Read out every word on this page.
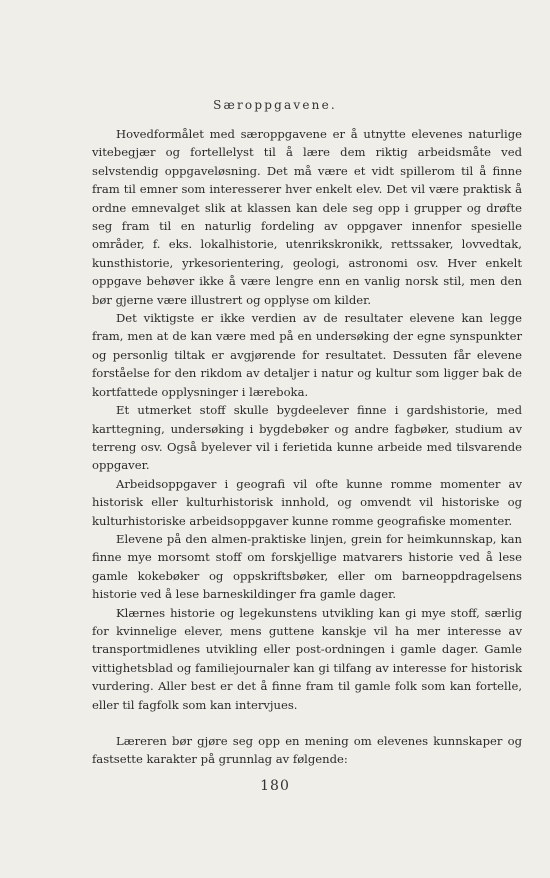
Særoppgavene.

Hovedformålet med særoppgavene er å utnytte elevenes naturlige vitebegjær og fortellelyst til å lære dem riktig arbeidsmåte ved selvstendig oppgaveløsning. Det må være et vidt spillerom til å finne fram til emner som interesserer hver enkelt elev. Det vil være praktisk å ordne emnevalget slik at klassen kan dele seg opp i grupper og drøfte seg fram til en naturlig fordeling av oppgaver innenfor spesielle områder, f. eks. lokalhistorie, utenrikskronikk, rettssaker, lovvedtak, kunsthistorie, yrkesorientering, geologi, astronomi osv. Hver enkelt oppgave behøver ikke å være lengre enn en vanlig norsk stil, men den bør gjerne være illustrert og opplyse om kilder.

Det viktigste er ikke verdien av de resultater elevene kan legge fram, men at de kan være med på en undersøking der egne synspunkter og personlig tiltak er avgjørende for resultatet. Dessuten får elevene forståelse for den rikdom av detaljer i natur og kultur som ligger bak de kortfattede opplysninger i læreboka.

Et utmerket stoff skulle bygdeelever finne i gardshistorie, med karttegning, undersøking i bygdebøker og andre fagbøker, studium av terreng osv. Også byelever vil i ferietida kunne arbeide med tilsvarende oppgaver.

Arbeidsoppgaver i geografi vil ofte kunne romme momenter av historisk eller kulturhistorisk innhold, og omvendt vil historiske og kulturhistoriske arbeidsoppgaver kunne romme geografiske momenter.

Elevene på den almen-praktiske linjen, grein for heimkunnskap, kan finne mye morsomt stoff om forskjellige matvarers historie ved å lese gamle kokebøker og oppskriftsbøker, eller om barneoppdragelsens historie ved å lese barneskildinger fra gamle dager.

Klærnes historie og legekunstens utvikling kan gi mye stoff, særlig for kvinnelige elever, mens guttene kanskje vil ha mer interesse av transportmidlenes utvikling eller post-ordningen i gamle dager. Gamle vittighetsblad og familiejournaler kan gi tilfang av interesse for historisk vurdering. Aller best er det å finne fram til gamle folk som kan fortelle, eller til fagfolk som kan intervjues.

Læreren bør gjøre seg opp en mening om elevenes kunnskaper og fastsette karakter på grunnlag av følgende:

180
